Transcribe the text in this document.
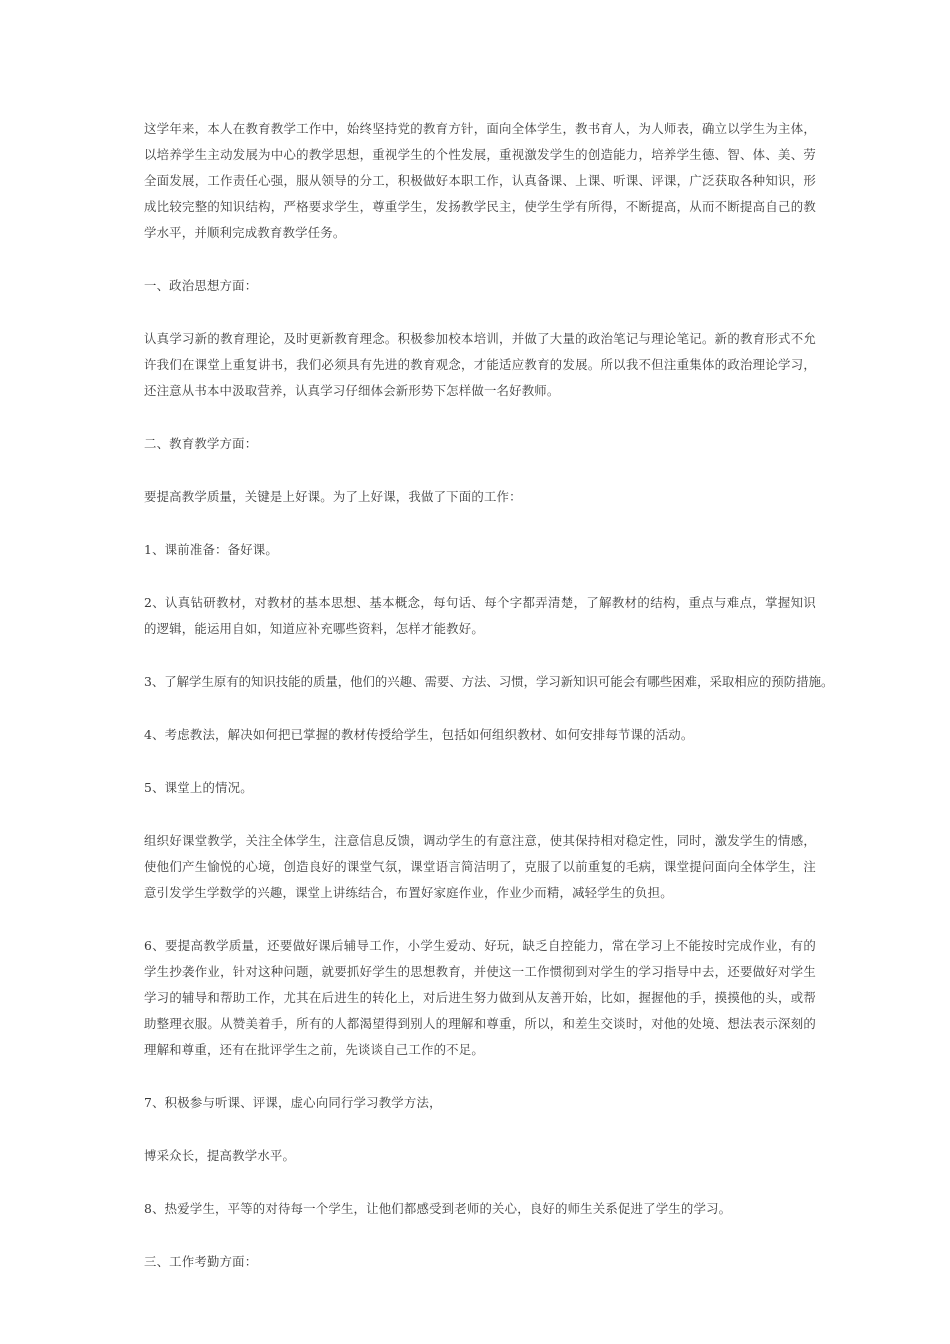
这学年来，本人在教育教学工作中，始终坚持党的教育方针，面向全体学生，教书育人，为人师表，确立以学生为主体，以培养学生主动发展为中心的教学思想，重视学生的个性发展，重视激发学生的创造能力，培养学生德、智、体、美、劳全面发展，工作责任心强，服从领导的分工，积极做好本职工作，认真备课、上课、听课、评课，广泛获取各种知识，形成比较完整的知识结构，严格要求学生，尊重学生，发扬教学民主，使学生学有所得，不断提高，从而不断提高自己的教学水平，并顺利完成教育教学任务。

一、政治思想方面：

认真学习新的教育理论，及时更新教育理念。积极参加校本培训，并做了大量的政治笔记与理论笔记。新的教育形式不允许我们在课堂上重复讲书，我们必须具有先进的教育观念，才能适应教育的发展。所以我不但注重集体的政治理论学习，还注意从书本中汲取营养，认真学习仔细体会新形势下怎样做一名好教师。

二、教育教学方面：

要提高教学质量，关键是上好课。为了上好课，我做了下面的工作：

1、课前准备：备好课。

2、认真钻研教材，对教材的基本思想、基本概念，每句话、每个字都弄清楚，了解教材的结构，重点与难点，掌握知识的逻辑，能运用自如，知道应补充哪些资料，怎样才能教好。

3、了解学生原有的知识技能的质量，他们的兴趣、需要、方法、习惯，学习新知识可能会有哪些困难，采取相应的预防措施。

4、考虑教法，解决如何把已掌握的教材传授给学生，包括如何组织教材、如何安排每节课的活动。

5、课堂上的情况。

组织好课堂教学，关注全体学生，注意信息反馈，调动学生的有意注意，使其保持相对稳定性，同时，激发学生的情感，使他们产生愉悦的心境，创造良好的课堂气氛，课堂语言简洁明了，克服了以前重复的毛病，课堂提问面向全体学生，注意引发学生学数学的兴趣，课堂上讲练结合，布置好家庭作业，作业少而精，减轻学生的负担。

6、要提高教学质量，还要做好课后辅导工作，小学生爱动、好玩，缺乏自控能力，常在学习上不能按时完成作业，有的学生抄袭作业，针对这种问题，就要抓好学生的思想教育，并使这一工作惯彻到对学生的学习指导中去，还要做好对学生学习的辅导和帮助工作，尤其在后进生的转化上，对后进生努力做到从友善开始，比如，握握他的手，摸摸他的头，或帮助整理衣服。从赞美着手，所有的人都渴望得到别人的理解和尊重，所以，和差生交谈时，对他的处境、想法表示深刻的理解和尊重，还有在批评学生之前，先谈谈自己工作的不足。

7、积极参与听课、评课，虚心向同行学习教学方法，

博采众长，提高教学水平。

8、热爱学生，平等的对待每一个学生，让他们都感受到老师的关心，良好的师生关系促进了学生的学习。

三、工作考勤方面：
